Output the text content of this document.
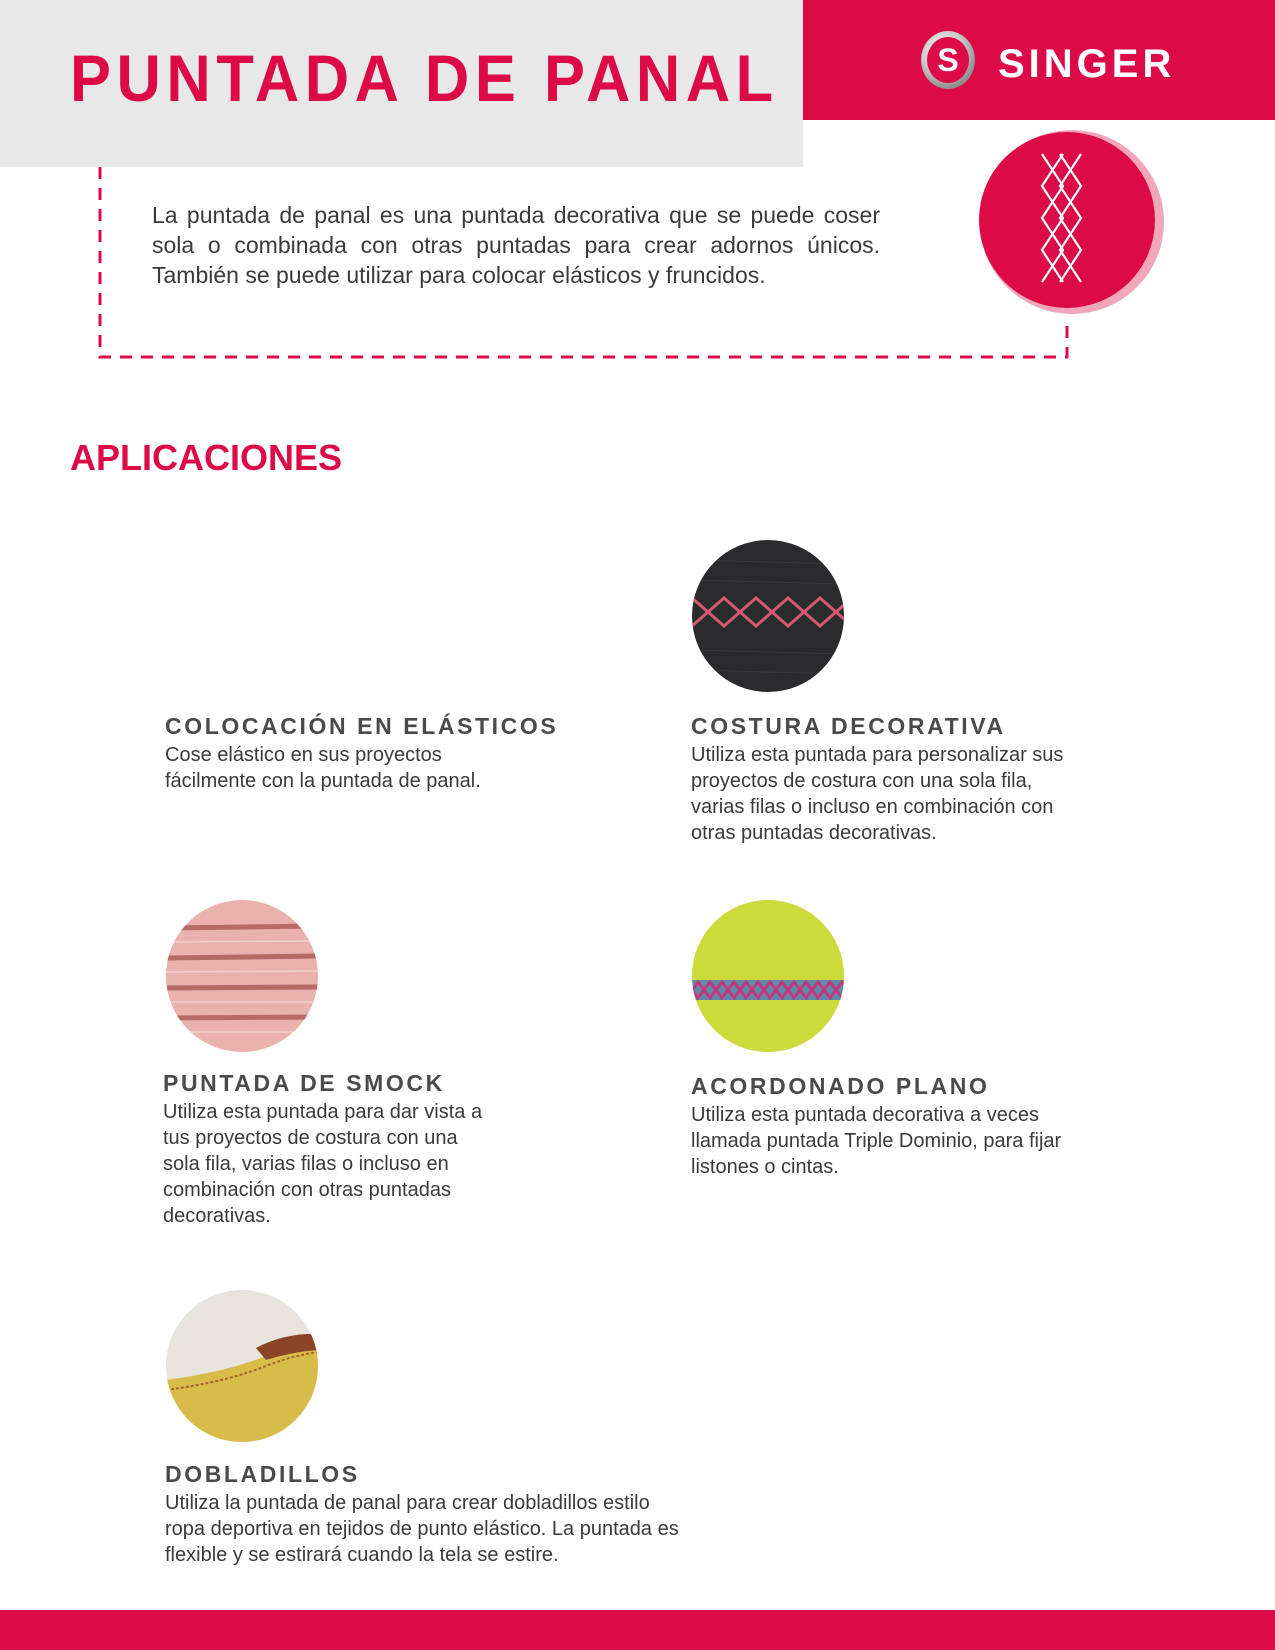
PUNTADA DE PANAL	S SINGER

La puntada de panal es una puntada decorativa que se puede coser sola o combinada con otras puntadas para crear adornos únicos. También se puede utilizar para colocar elásticos y fruncidos.

APLICACIONES
COLOCACIÓN EN ELÁSTICOS

Cose elástico en sus proyectos fácilmente con la puntada de panal.

COSTURA DECORATIVA

Utiliza esta puntada para personalizar sus proyectos de costura con una sola fila, varias filas o incluso en combinación con otras puntadas decorativas.

PUNTADA DE SMOCK

Utiliza esta puntada para dar vista a tus proyectos de costura con una sola fila, varias filas o incluso en combinación con otras puntadas decorativas.

ACORDONADO PLANO

Utiliza esta puntada decorativa a veces llamada puntada Triple Dominio, para fijar listones o cintas.

DOBLADILLOS

Utiliza la puntada de panal para crear dobladillos estilo ropa deportiva en tejidos de punto elástico. La puntada es flexible y se estirará cuando la tela se estire.
